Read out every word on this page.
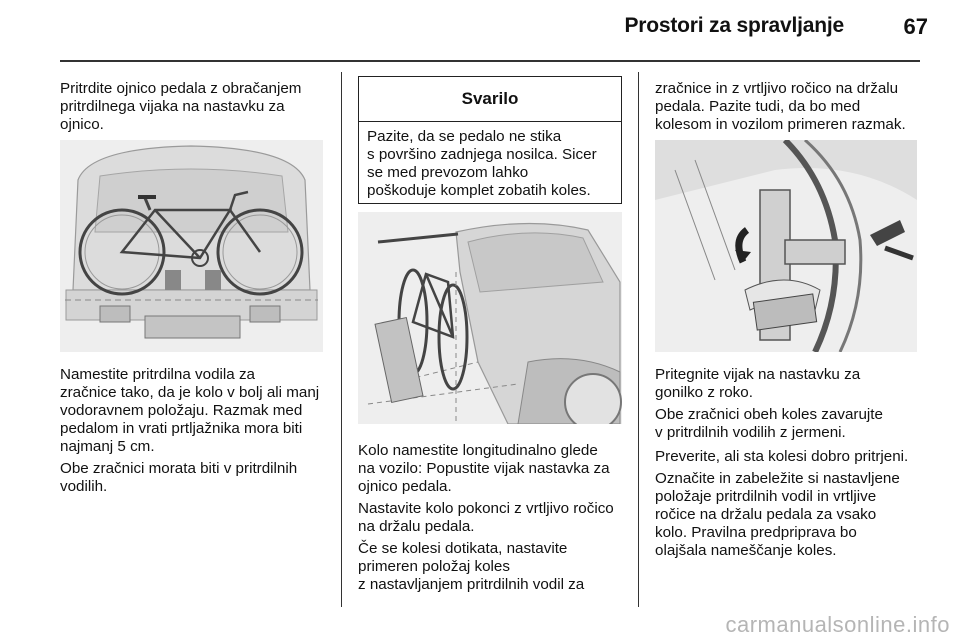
Prostori za spravljanje	67
Pritrdite ojnico pedala z obračanjem
pritrdilnega vijaka na nastavku za
ojnico.
Namestite pritrdilna vodila za
zračnice tako, da je kolo v bolj ali manj
vodoravnem položaju. Razmak med
pedalom in vrati prtljažnika mora biti
najmanj 5 cm.
Obe zračnici morata biti v pritrdilnih
vodilih.
Svarilo
Pazite, da se pedalo ne stika
s površino zadnjega nosilca. Sicer
se med prevozom lahko
poškoduje komplet zobatih koles.
Kolo namestite longitudinalno glede
na vozilo: Popustite vijak nastavka za
ojnico pedala.
Nastavite kolo pokonci z vrtljivo ročico
na držalu pedala.
Če se kolesi dotikata, nastavite
primeren položaj koles
z nastavljanjem pritrdilnih vodil za
zračnice in z vrtljivo ročico na držalu
pedala. Pazite tudi, da bo med
kolesom in vozilom primeren razmak.
Pritegnite vijak na nastavku za
gonilko z roko.
Obe zračnici obeh koles zavarujte
v pritrdilnih vodilih z jermeni.
Preverite, ali sta kolesi dobro pritrjeni.
Označite in zabeležite si nastavljene
položaje pritrdilnih vodil in vrtljive
ročice na držalu pedala za vsako
kolo. Pravilna predpriprava bo
olajšala nameščanje koles.
carmanualsonline.info
